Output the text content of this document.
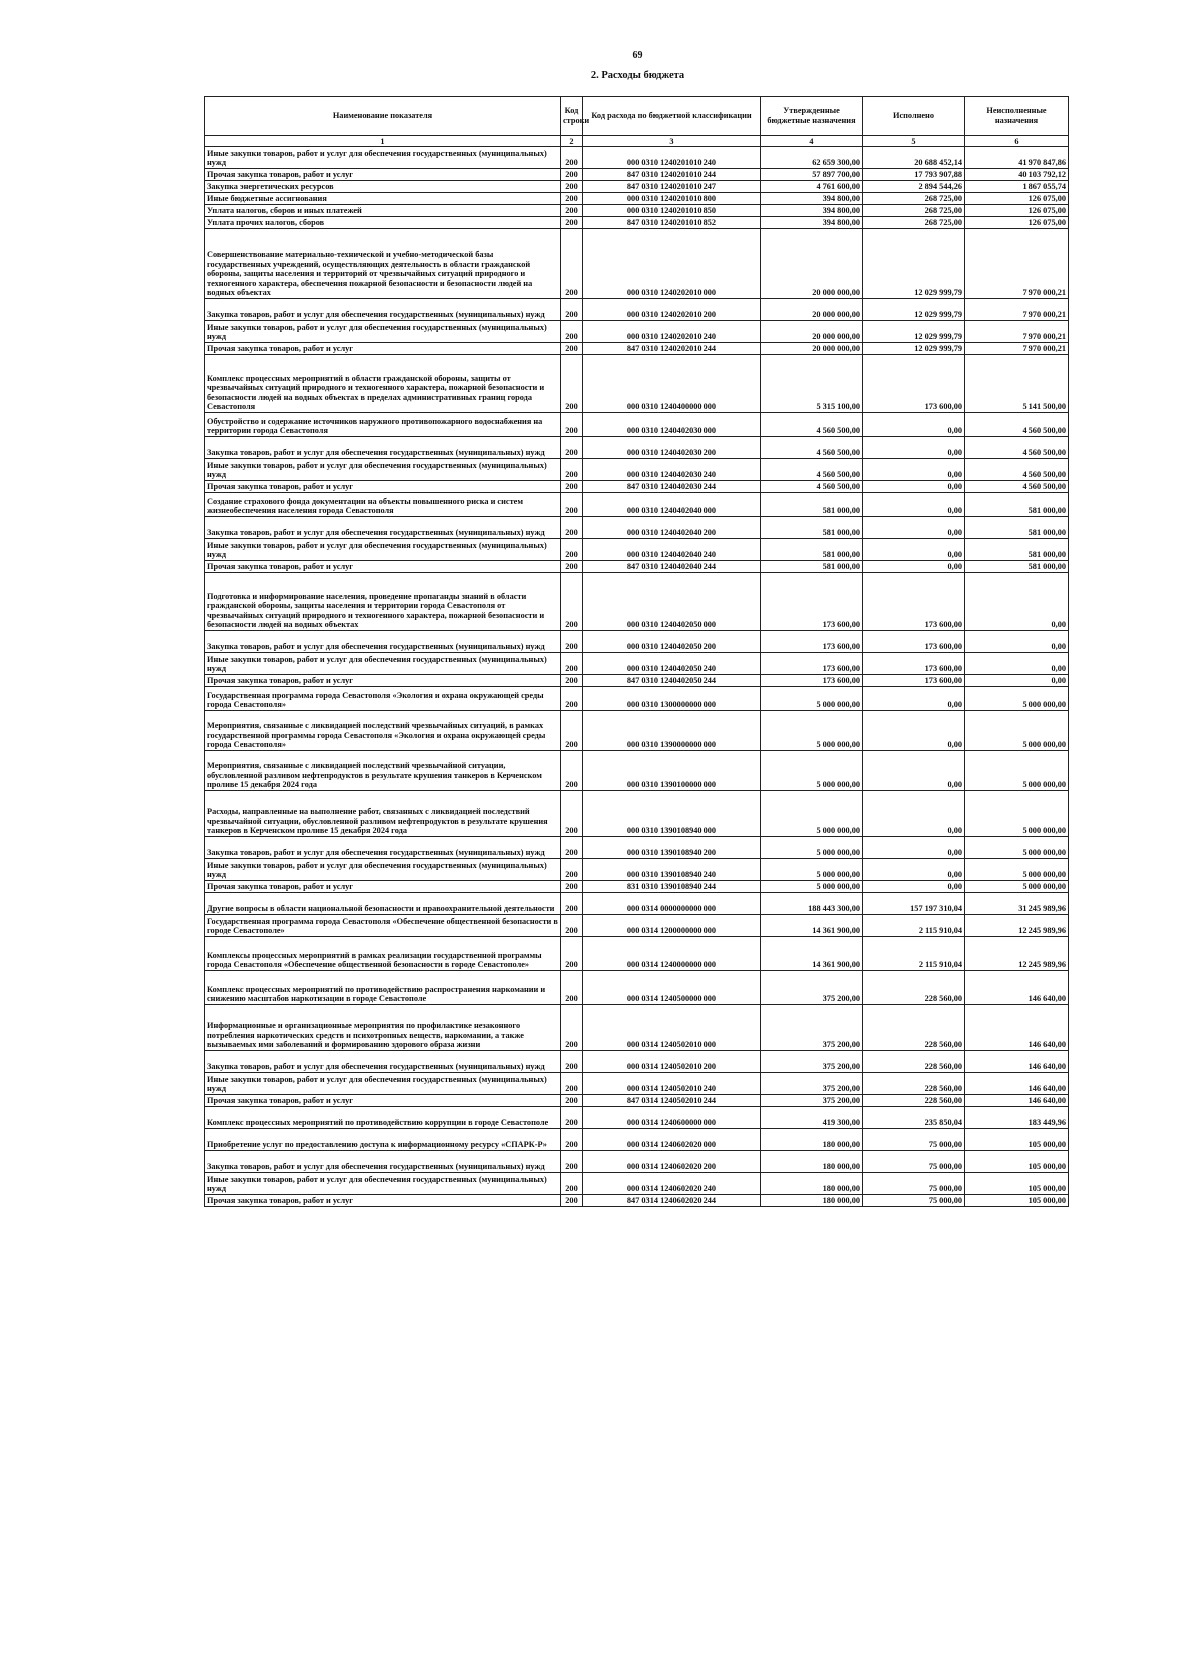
69
2. Расходы бюджета
Наименование показателя	Код строки	Код расхода по бюджетной классификации	Утвержденные бюджетные назначения	Исполнено	Неисполненные назначения
1	2	3	4	5	6
Иные закупки товаров, работ и услуг для обеспечения государственных (муниципальных) нужд	200	000 0310 1240201010 240	62 659 300,00	20 688 452,14	41 970 847,86
Прочая закупка товаров, работ и услуг	200	847 0310 1240201010 244	57 897 700,00	17 793 907,88	40 103 792,12
Закупка энергетических ресурсов	200	847 0310 1240201010 247	4 761 600,00	2 894 544,26	1 867 055,74
Иные бюджетные ассигнования	200	000 0310 1240201010 800	394 800,00	268 725,00	126 075,00
Уплата налогов, сборов и иных платежей	200	000 0310 1240201010 850	394 800,00	268 725,00	126 075,00
Уплата прочих налогов, сборов	200	847 0310 1240201010 852	394 800,00	268 725,00	126 075,00
Совершенствование материально-технической и учебно-методической базы государственных учреждений, осуществляющих деятельность в области гражданской обороны, защиты населения и территорий от чрезвычайных ситуаций природного и техногенного характера, обеспечения пожарной безопасности и безопасности людей на водных объектах	200	000 0310 1240202010 000	20 000 000,00	12 029 999,79	7 970 000,21
Закупка товаров, работ и услуг для обеспечения государственных (муниципальных) нужд	200	000 0310 1240202010 200	20 000 000,00	12 029 999,79	7 970 000,21
Иные закупки товаров, работ и услуг для обеспечения государственных (муниципальных) нужд	200	000 0310 1240202010 240	20 000 000,00	12 029 999,79	7 970 000,21
Прочая закупка товаров, работ и услуг	200	847 0310 1240202010 244	20 000 000,00	12 029 999,79	7 970 000,21
Комплекс процессных мероприятий в области гражданской обороны, защиты от чрезвычайных ситуаций природного и техногенного характера, пожарной безопасности и безопасности людей на водных объектах в пределах административных границ города Севастополя	200	000 0310 1240400000 000	5 315 100,00	173 600,00	5 141 500,00
Обустройство и содержание источников наружного противопожарного водоснабжения на территории города Севастополя	200	000 0310 1240402030 000	4 560 500,00	0,00	4 560 500,00
Закупка товаров, работ и услуг для обеспечения государственных (муниципальных) нужд	200	000 0310 1240402030 200	4 560 500,00	0,00	4 560 500,00
Иные закупки товаров, работ и услуг для обеспечения государственных (муниципальных) нужд	200	000 0310 1240402030 240	4 560 500,00	0,00	4 560 500,00
Прочая закупка товаров, работ и услуг	200	847 0310 1240402030 244	4 560 500,00	0,00	4 560 500,00
Создание страхового фонда документации на объекты повышенного риска и систем жизнеобеспечения населения города Севастополя	200	000 0310 1240402040 000	581 000,00	0,00	581 000,00
Закупка товаров, работ и услуг для обеспечения государственных (муниципальных) нужд	200	000 0310 1240402040 200	581 000,00	0,00	581 000,00
Иные закупки товаров, работ и услуг для обеспечения государственных (муниципальных) нужд	200	000 0310 1240402040 240	581 000,00	0,00	581 000,00
Прочая закупка товаров, работ и услуг	200	847 0310 1240402040 244	581 000,00	0,00	581 000,00
Подготовка и информирование населения, проведение пропаганды знаний в области гражданской обороны, защиты населения и территории города Севастополя от чрезвычайных ситуаций природного и техногенного характера, пожарной безопасности и безопасности людей на водных объектах	200	000 0310 1240402050 000	173 600,00	173 600,00	0,00
Закупка товаров, работ и услуг для обеспечения государственных (муниципальных) нужд	200	000 0310 1240402050 200	173 600,00	173 600,00	0,00
Иные закупки товаров, работ и услуг для обеспечения государственных (муниципальных) нужд	200	000 0310 1240402050 240	173 600,00	173 600,00	0,00
Прочая закупка товаров, работ и услуг	200	847 0310 1240402050 244	173 600,00	173 600,00	0,00
Государственная программа города Севастополя «Экология и охрана окружающей среды города Севастополя»	200	000 0310 1300000000 000	5 000 000,00	0,00	5 000 000,00
Мероприятия, связанные с ликвидацией последствий чрезвычайных ситуаций, в рамках государственной программы города Севастополя «Экология и охрана окружающей среды города Севастополя»	200	000 0310 1390000000 000	5 000 000,00	0,00	5 000 000,00
Мероприятия, связанные с ликвидацией последствий чрезвычайной ситуации, обусловленной разливом нефтепродуктов в результате крушения танкеров в Керченском проливе 15 декабря 2024 года	200	000 0310 1390100000 000	5 000 000,00	0,00	5 000 000,00
Расходы, направленные на выполнение работ, связанных с ликвидацией последствий чрезвычайной ситуации, обусловленной разливом нефтепродуктов в результате крушения танкеров в Керченском проливе 15 декабря 2024 года	200	000 0310 1390108940 000	5 000 000,00	0,00	5 000 000,00
Закупка товаров, работ и услуг для обеспечения государственных (муниципальных) нужд	200	000 0310 1390108940 200	5 000 000,00	0,00	5 000 000,00
Иные закупки товаров, работ и услуг для обеспечения государственных (муниципальных) нужд	200	000 0310 1390108940 240	5 000 000,00	0,00	5 000 000,00
Прочая закупка товаров, работ и услуг	200	831 0310 1390108940 244	5 000 000,00	0,00	5 000 000,00
Другие вопросы в области национальной безопасности и правоохранительной деятельности	200	000 0314 0000000000 000	188 443 300,00	157 197 310,04	31 245 989,96
Государственная программа города Севастополя «Обеспечение общественной безопасности в городе Севастополе»	200	000 0314 1200000000 000	14 361 900,00	2 115 910,04	12 245 989,96
Комплексы процессных мероприятий в рамках реализации государственной программы города Севастополя «Обеспечение общественной безопасности в городе Севастополе»	200	000 0314 1240000000 000	14 361 900,00	2 115 910,04	12 245 989,96
Комплекс процессных мероприятий по противодействию распространения наркомании и снижению масштабов наркотизации в городе Севастополе	200	000 0314 1240500000 000	375 200,00	228 560,00	146 640,00
Информационные и организационные мероприятия по профилактике незаконного потребления наркотических средств и психотропных веществ, наркомании, а также вызываемых ими заболеваний и формированию здорового образа жизни	200	000 0314 1240502010 000	375 200,00	228 560,00	146 640,00
Закупка товаров, работ и услуг для обеспечения государственных (муниципальных) нужд	200	000 0314 1240502010 200	375 200,00	228 560,00	146 640,00
Иные закупки товаров, работ и услуг для обеспечения государственных (муниципальных) нужд	200	000 0314 1240502010 240	375 200,00	228 560,00	146 640,00
Прочая закупка товаров, работ и услуг	200	847 0314 1240502010 244	375 200,00	228 560,00	146 640,00
Комплекс процессных мероприятий по противодействию коррупции в городе Севастополе	200	000 0314 1240600000 000	419 300,00	235 850,04	183 449,96
Приобретение услуг по предоставлению доступа к информационному ресурсу «СПАРК-Р»	200	000 0314 1240602020 000	180 000,00	75 000,00	105 000,00
Закупка товаров, работ и услуг для обеспечения государственных (муниципальных) нужд	200	000 0314 1240602020 200	180 000,00	75 000,00	105 000,00
Иные закупки товаров, работ и услуг для обеспечения государственных (муниципальных) нужд	200	000 0314 1240602020 240	180 000,00	75 000,00	105 000,00
Прочая закупка товаров, работ и услуг	200	847 0314 1240602020 244	180 000,00	75 000,00	105 000,00
